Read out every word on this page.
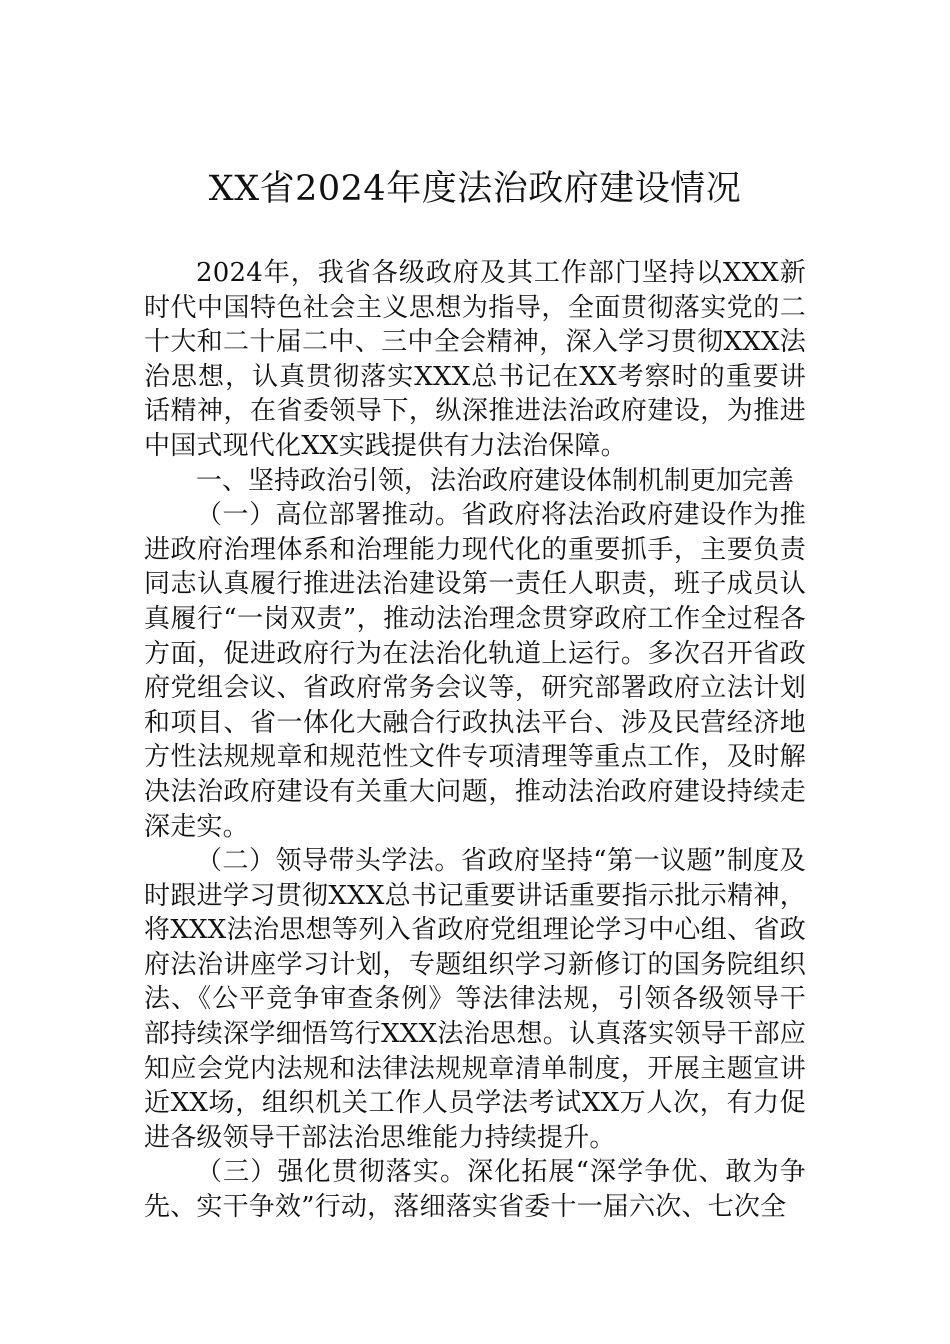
XX省2024年度法治政府建设情况

2024年，我省各级政府及其工作部门坚持以XXX新时代中国特色社会主义思想为指导，全面贯彻落实党的二十大和二十届二中、三中全会精神，深入学习贯彻XXX法治思想，认真贯彻落实XXX总书记在XX考察时的重要讲话精神，在省委领导下，纵深推进法治政府建设，为推进中国式现代化XX实践提供有力法治保障。

一、坚持政治引领，法治政府建设体制机制更加完善

（一）高位部署推动。省政府将法治政府建设作为推进政府治理体系和治理能力现代化的重要抓手，主要负责同志认真履行推进法治建设第一责任人职责，班子成员认真履行“一岗双责”，推动法治理念贯穿政府工作全过程各方面，促进政府行为在法治化轨道上运行。多次召开省政府党组会议、省政府常务会议等，研究部署政府立法计划和项目、省一体化大融合行政执法平台、涉及民营经济地方性法规规章和规范性文件专项清理等重点工作，及时解决法治政府建设有关重大问题，推动法治政府建设持续走深走实。

（二）领导带头学法。省政府坚持“第一议题”制度及时跟进学习贯彻XXX总书记重要讲话重要指示批示精神，将XXX法治思想等列入省政府党组理论学习中心组、省政府法治讲座学习计划，专题组织学习新修订的国务院组织法、《公平竞争审查条例》等法律法规，引领各级领导干部持续深学细悟笃行XXX法治思想。认真落实领导干部应知应会党内法规和法律法规规章清单制度，开展主题宣讲近XX场，组织机关工作人员学法考试XX万人次，有力促进各级领导干部法治思维能力持续提升。

（三）强化贯彻落实。深化拓展“深学争优、敢为争先、实干争效”行动，落细落实省委十一届六次、七次全
